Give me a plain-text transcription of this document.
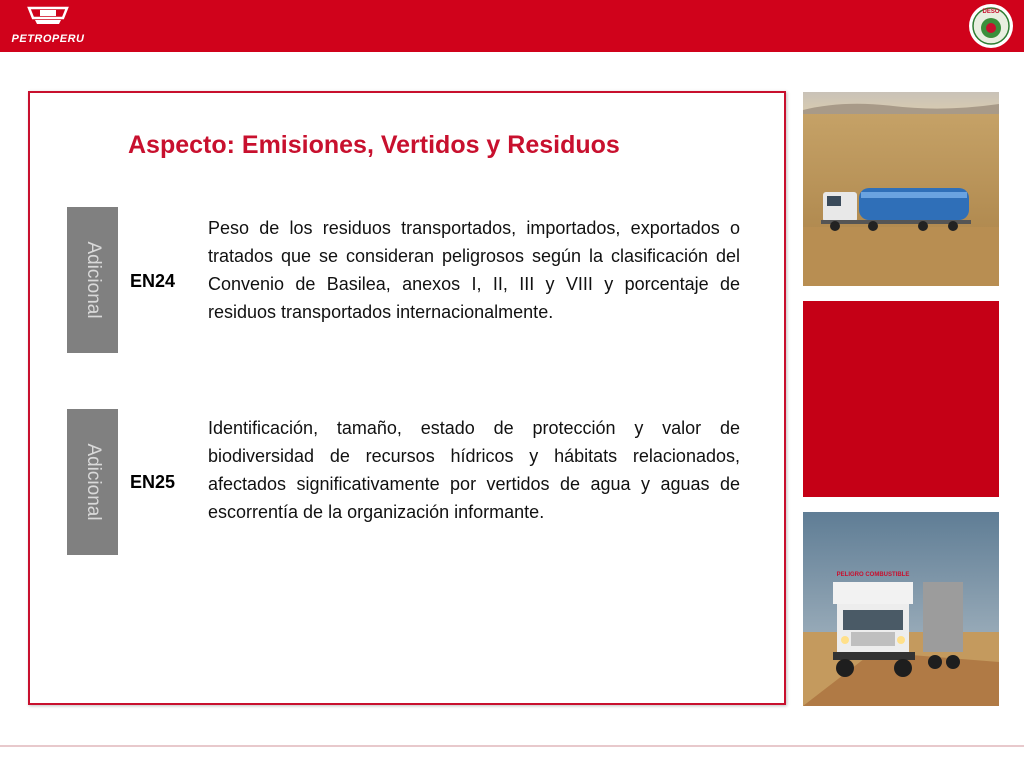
PETROPERU
DESO
Aspecto: Emisiones, Vertidos y Residuos
Adicional EN24

Peso de los residuos transportados, importados, exportados o tratados que se consideran peligrosos según la clasificación del Convenio de Basilea, anexos I, II, III y VIII y porcentaje de residuos transportados internacionalmente.

Adicional EN25

Identificación, tamaño, estado de protección y valor de biodiversidad de recursos hídricos y hábitats relacionados, afectados significativamente por vertidos de agua y aguas de escorrentía de la organización informante.

PELIGRO COMBUSTIBLE
